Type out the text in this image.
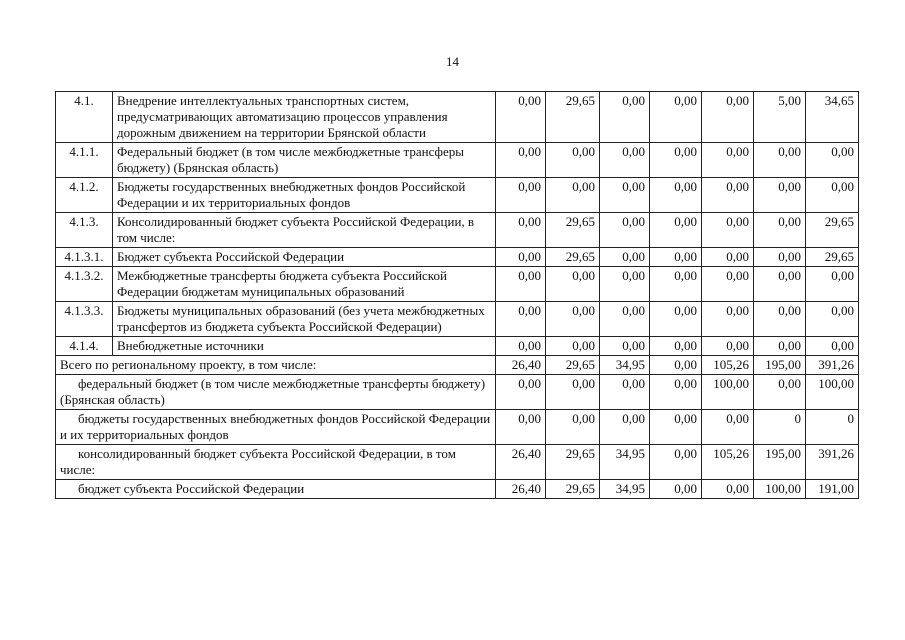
14
4.1.	Внедрение интеллектуальных транспортных систем, предусматривающих автоматизацию процессов управления дорожным движением на территории Брянской области	0,00	29,65	0,00	0,00	0,00	5,00	34,65
4.1.1.	Федеральный бюджет (в том числе межбюджетные трансферы бюджету) (Брянская область)	0,00	0,00	0,00	0,00	0,00	0,00	0,00
4.1.2.	Бюджеты государственных внебюджетных фондов Российской Федерации и их территориальных фондов	0,00	0,00	0,00	0,00	0,00	0,00	0,00
4.1.3.	Консолидированный бюджет субъекта Российской Федерации, в том числе:	0,00	29,65	0,00	0,00	0,00	0,00	29,65
4.1.3.1.	Бюджет субъекта Российской Федерации	0,00	29,65	0,00	0,00	0,00	0,00	29,65
4.1.3.2.	Межбюджетные трансферты бюджета субъекта Российской Федерации бюджетам муниципальных образований	0,00	0,00	0,00	0,00	0,00	0,00	0,00
4.1.3.3.	Бюджеты муниципальных образований (без учета межбюджетных трансфертов из бюджета субъекта Российской Федерации)	0,00	0,00	0,00	0,00	0,00	0,00	0,00
4.1.4.	Внебюджетные источники	0,00	0,00	0,00	0,00	0,00	0,00	0,00
Всего по региональному проекту, в том числе:		26,40	29,65	34,95	0,00	105,26	195,00	391,26
федеральный бюджет (в том числе межбюджетные трансферты бюджету) (Брянская область)		0,00	0,00	0,00	0,00	100,00	0,00	100,00
бюджеты государственных внебюджетных фондов Российской Федерации и их территориальных фондов		0,00	0,00	0,00	0,00	0,00	0	0
консолидированный бюджет субъекта Российской Федерации, в том числе:		26,40	29,65	34,95	0,00	105,26	195,00	391,26
бюджет субъекта Российской Федерации		26,40	29,65	34,95	0,00	0,00	100,00	191,00
